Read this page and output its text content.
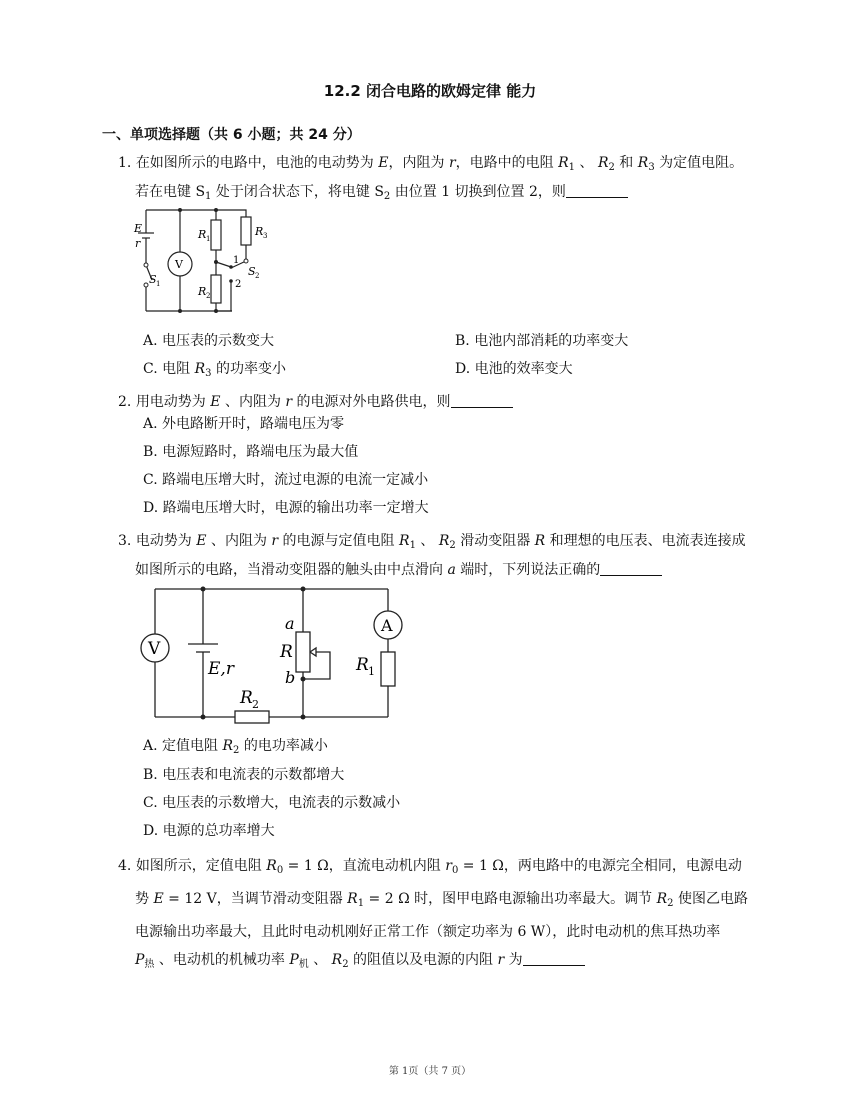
12.2 闭合电路的欧姆定律 能力
一、单项选择题（共 6 小题；共 24 分）
1. 在如图所示的电路中，电池的电动势为 E，内阻为 r，电路中的电阻 $R_1$ 、 $R_2$ 和 $R_3$ 为定值电阻。
若在电键 $S_1$ 处于闭合状态下，将电键 $S_2$ 由位置 1 切换到位置 2，则
E
r
V
R 1
R 3
R 2
S 1
S 2
1
2
A. 电压表的示数变大	B. 电池内部消耗的功率变大
C. 电阻 $R_3$ 的功率变小	D. 电池的效率变大
2. 用电动势为 E 、内阻为 r 的电源对外电路供电，则
A. 外电路断开时，路端电压为零
B. 电源短路时，路端电压为最大值
C. 路端电压增大时，流过电源的电流一定减小
D. 路端电压增大时，电源的输出功率一定增大
3. 电动势为 E 、内阻为 r 的电源与定值电阻 $R_1$ 、 $R_2$ 滑动变阻器 R 和理想的电压表、电流表连接成
如图所示的电路，当滑动变阻器的触头由中点滑向 a 端时，下列说法正确的
V
A
E,r
a
R
b
R 1
R 2
A. 定值电阻 $R_2$ 的电功率减小
B. 电压表和电流表的示数都增大
C. 电压表的示数增大，电流表的示数减小
D. 电源的总功率增大
4. 如图所示，定值电阻 $R_0 = 1$ Ω，直流电动机内阻 $r_0 = 1$ Ω，两电路中的电源完全相同，电源电动
势 E = 12 V，当调节滑动变阻器 $R_1 = 2$ Ω 时，图甲电路电源输出功率最大。调节 $R_2$ 使图乙电路
电源输出功率最大，且此时电动机刚好正常工作（额定功率为 6 W），此时电动机的焦耳热功率
$P_热$ 、电动机的机械功率 $P_机$ 、 $R_2$ 的阻值以及电源的内阻 r 为
第 1页（共 7 页）
